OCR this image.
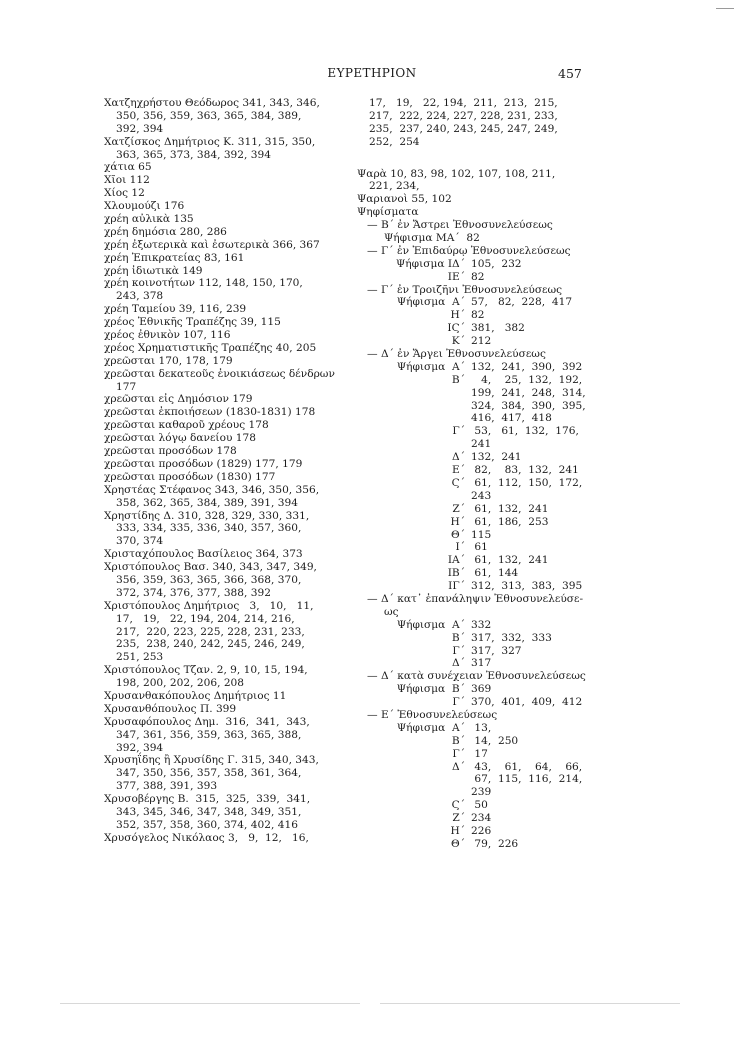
ΕΥΡΕΤΗΡΙΟΝ	457
Χατζηχρήστου Θεόδωρος 341, 343, 346,
350, 356, 359, 363, 365, 384, 389,
392, 394
Χατζίσκος Δημήτριος Κ. 311, 315, 350,
363, 365, 373, 384, 392, 394
χάτια 65
Χῖοι 112
Χίος 12
Χλουμούζι 176
χρέη αὐλικὰ 135
χρέη δημόσια 280, 286
χρέη ἐξωτερικὰ καὶ ἐσωτερικὰ 366, 367
χρέη Ἐπικρατείας 83, 161
χρέη ἰδιωτικὰ 149
χρέη κοινοτήτων 112, 148, 150, 170,
243, 378
χρέη Ταμείου 39, 116, 239
χρέος Ἐθνικῆς Τραπέζης 39, 115
χρέος ἐθνικὸν 107, 116
χρέος Χρηματιστικῆς Τραπέζης 40, 205
χρεῶσται 170, 178, 179
χρεῶσται δεκατεοῦς ἐνοικιάσεως δένδρων
177
χρεῶσται εἰς Δημόσιον 179
χρεῶσται ἐκποιήσεων (1830-1831) 178
χρεῶσται καθαροῦ χρέους 178
χρεῶσται λόγῳ δανείου 178
χρεῶσται προσόδων 178
χρεῶσται προσόδων (1829) 177, 179
χρεῶσται προσόδων (1830) 177
Χρηστέας Στέφανος 343, 346, 350, 356,
358, 362, 365, 384, 389, 391, 394
Χρηστίδης Δ. 310, 328, 329, 330, 331,
333, 334, 335, 336, 340, 357, 360,
370, 374
Χρισταχόπουλος Βασίλειος 364, 373
Χριστόπουλος Βασ. 340, 343, 347, 349,
356, 359, 363, 365, 366, 368, 370,
372, 374, 376, 377, 388, 392
Χριστόπουλος Δημήτριος   3,   10,   11,
17,   19,   22, 194, 204, 214, 216,
217,  220, 223, 225, 228, 231, 233,
235,  238, 240, 242, 245, 246, 249,
251, 253
Χριστόπουλος Τζαν. 2, 9, 10, 15, 194,
198, 200, 202, 206, 208
Χρυσανθακόπουλος Δημήτριος 11
Χρυσανθόπουλος Π. 399
Χρυσαφόπουλος Δημ.  316,  341,  343,
347, 361, 356, 359, 363, 365, 388,
392, 394
Χρυσηΐδης ἢ Χρυσίδης Γ. 315, 340, 343,
347, 350, 356, 357, 358, 361, 364,
377, 388, 391, 393
Χρυσοβέργης Β.  315,  325,  339,  341,
343, 345, 346, 347, 348, 349, 351,
352, 357, 358, 360, 374, 402, 416
Χρυσόγελος Νικόλαος 3,   9,  12,   16,
17,   19,   22, 194,  211,  213,  215,
217,  222, 224, 227, 228, 231, 233,
235,  237, 240, 243, 245, 247, 249,
252,  254
Ψαρὰ 10, 83, 98, 102, 107, 108, 211,
221, 234,
Ψαριανοὶ 55, 102
Ψηφίσματα
— Β΄ ἐν Ἄστρει Ἐθνοσυνελεύσεως
Ψήφισμα ΜΑ΄  82
— Γ΄ ἐν Ἐπιδαύρῳ Ἐθνοσυνελεύσεως
Ψήφισμα ΙΔ΄ 105,  232
ΙΕ΄ 82
— Γ΄ ἐν Τροιζῆνι Ἐθνοσυνελεύσεως
Ψήφισμα  Α΄ 57,   82,  228,  417
Η΄ 82
ΙϚ΄ 381,   382
Κ΄ 212
— Δ΄ ἐν Ἄργει Ἐθνοσυνελεύσεως
Ψήφισμα  Α΄ 132,  241,  390,  392
Β΄ 4,    25,  132,  192,
199,  241,  248,  314,
324,  384,  390,  395,
416,  417,  418
Γ΄ 53,   61,  132,  176,
241
Δ΄ 132,  241
Ε΄ 82,    83,  132,  241
Ϛ΄ 61,  112,  150,  172,
243
Ζ΄ 61,  132,  241
Η΄ 61,  186,  253
Θ΄ 115
Ι΄ 61
ΙΑ΄ 61,  132,  241
ΙΒ΄ 61,  144
ΙΓ΄ 312,  313,  383,  395
— Δ΄ κατ᾽ ἐπανάληψιν Ἐθνοσυνελεύσε-
ως
Ψήφισμα  Α΄ 332
Β΄ 317,  332,  333
Γ΄ 317,  327
Δ΄ 317
— Δ΄ κατὰ συνέχειαν Ἐθνοσυνελεύσεως
Ψήφισμα  Β΄ 369
Γ΄ 370,  401,  409,  412
— Ε΄ Ἐθνοσυνελεύσεως
Ψήφισμα  Α΄ 13,
Β΄ 14,  250
Γ΄ 17
Δ΄ 43,    61,    64,    66,
67,  115,  116,  214,
239
Ϛ΄ 50
Ζ΄ 234
Η΄ 226
Θ΄ 79,  226
